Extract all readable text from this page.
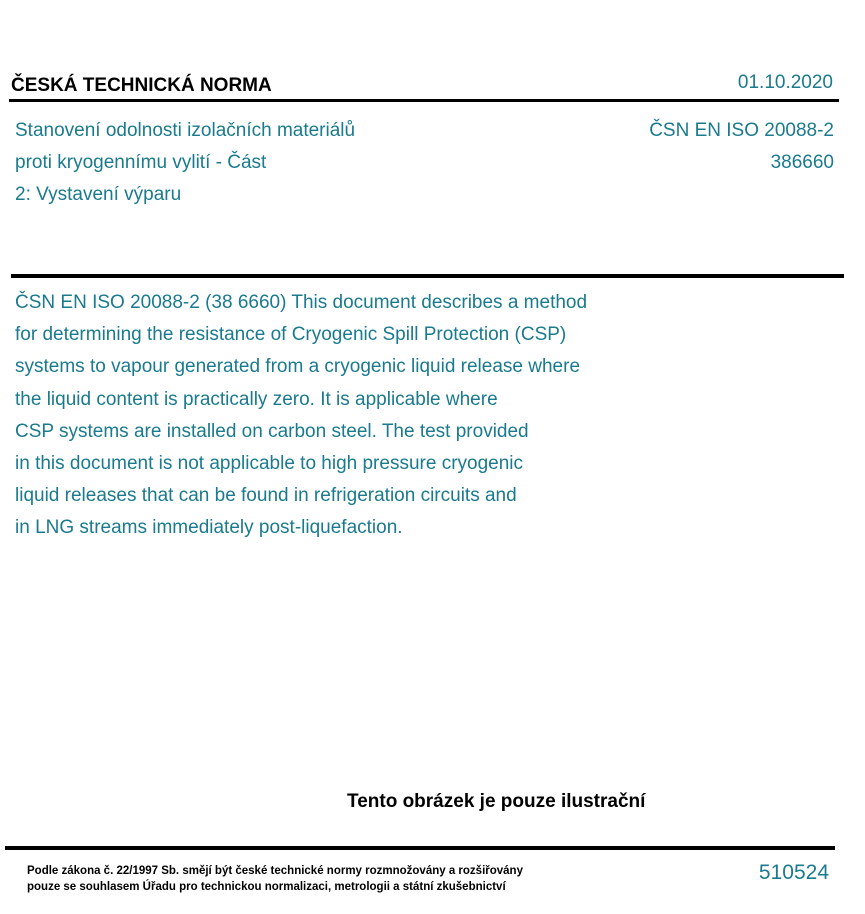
ČESKÁ TECHNICKÁ NORMA	01.10.2020
Stanovení odolnosti izolačních materiálů
proti kryogennímu vylití - Část
2: Vystavení výparu
ČSN EN ISO 20088-2
386660
ČSN EN ISO 20088-2 (38 6660) This document describes a method
for determining the resistance of Cryogenic Spill Protection (CSP)
systems to vapour generated from a cryogenic liquid release where
the liquid content is practically zero. It is applicable where
CSP systems are installed on carbon steel. The test provided
in this document is not applicable to high pressure cryogenic
liquid releases that can be found in refrigeration circuits and
in LNG streams immediately post-liquefaction.
Tento obrázek je pouze ilustrační
Podle zákona č. 22/1997 Sb. smějí být české technické normy rozmnožovány a rozšiřovány
pouze se souhlasem Úřadu pro technickou normalizaci, metrologii a státní zkušebnictví
510524
